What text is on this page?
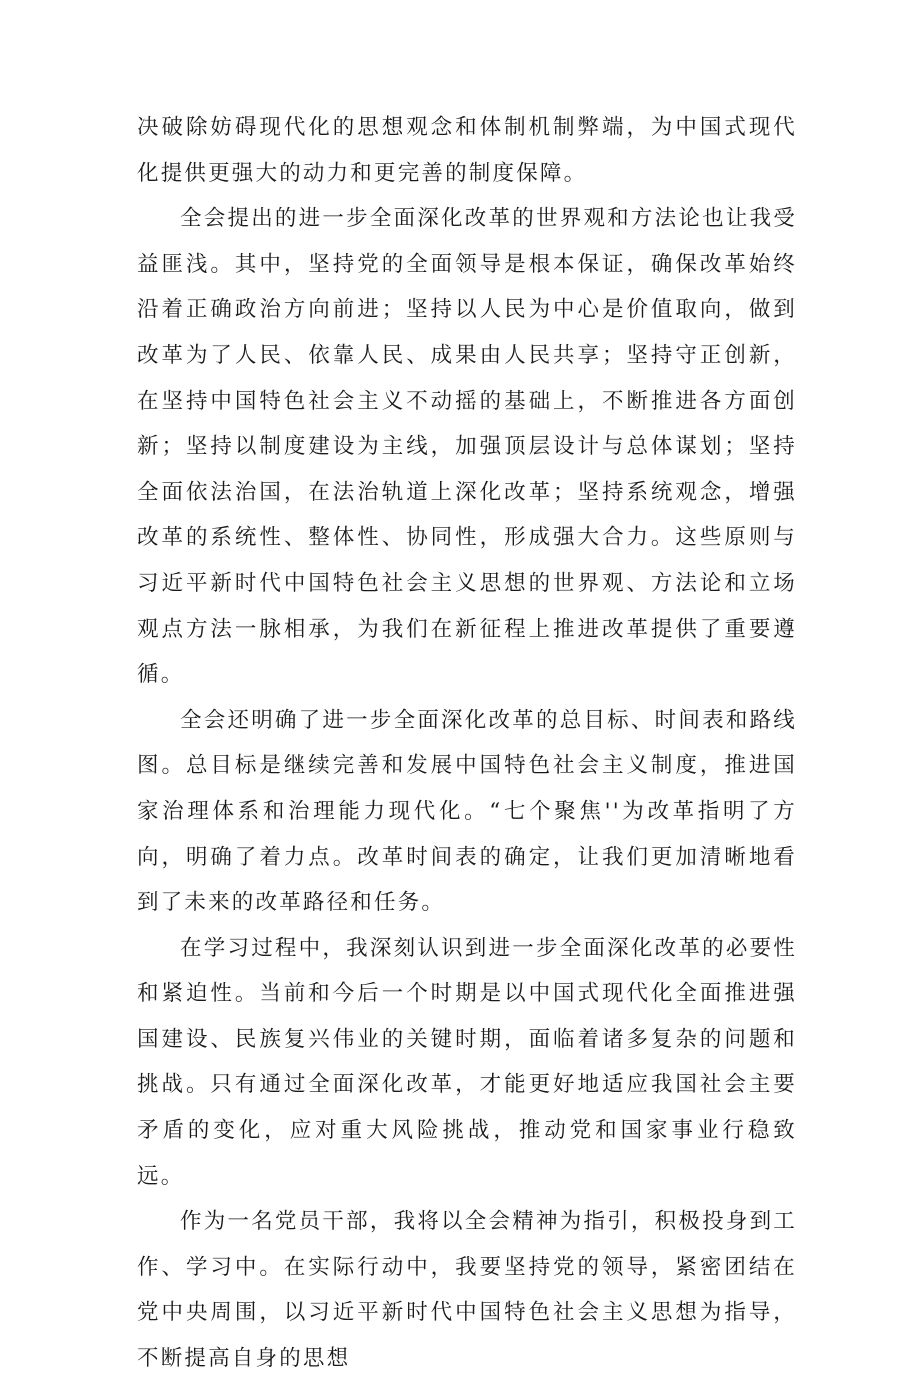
决破除妨碍现代化的思想观念和体制机制弊端，为中国式现代化提供更强大的动力和更完善的制度保障。

全会提出的进一步全面深化改革的世界观和方法论也让我受益匪浅。其中，坚持党的全面领导是根本保证，确保改革始终沿着正确政治方向前进；坚持以人民为中心是价值取向，做到改革为了人民、依靠人民、成果由人民共享；坚持守正创新，在坚持中国特色社会主义不动摇的基础上，不断推进各方面创新；坚持以制度建设为主线，加强顶层设计与总体谋划；坚持全面依法治国，在法治轨道上深化改革；坚持系统观念，增强改革的系统性、整体性、协同性，形成强大合力。这些原则与习近平新时代中国特色社会主义思想的世界观、方法论和立场观点方法一脉相承，为我们在新征程上推进改革提供了重要遵循。

全会还明确了进一步全面深化改革的总目标、时间表和路线图。总目标是继续完善和发展中国特色社会主义制度，推进国家治理体系和治理能力现代化。“七个聚焦''为改革指明了方向，明确了着力点。改革时间表的确定，让我们更加清晰地看到了未来的改革路径和任务。

在学习过程中，我深刻认识到进一步全面深化改革的必要性和紧迫性。当前和今后一个时期是以中国式现代化全面推进强国建设、民族复兴伟业的关键时期，面临着诸多复杂的问题和挑战。只有通过全面深化改革，才能更好地适应我国社会主要矛盾的变化，应对重大风险挑战，推动党和国家事业行稳致远。

作为一名党员干部，我将以全会精神为指引，积极投身到工作、学习中。在实际行动中，我要坚持党的领导，紧密团结在党中央周围，以习近平新时代中国特色社会主义思想为指导，不断提高自身的思想
